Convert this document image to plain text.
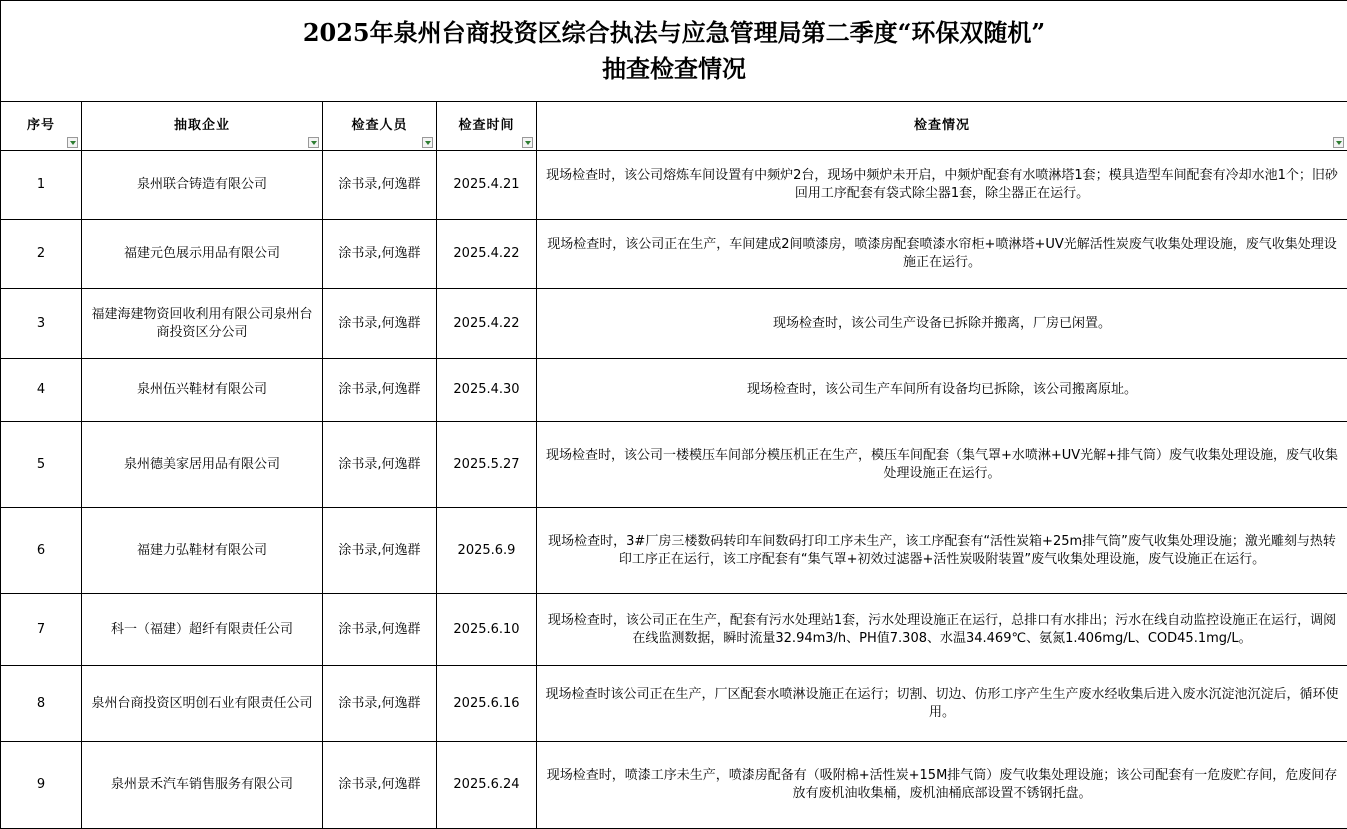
2025年泉州台商投资区综合执法与应急管理局第二季度“环保双随机”
抽查检查情况				

序号	抽取企业	检查人员	检查时间	检查情况

1	泉州联合铸造有限公司	涂书录,何逸群	2025.4.21	现场检查时，该公司熔炼车间设置有中频炉2台，现场中频炉未开启，中频炉配套有水喷淋塔1套；模具造型车间配套有冷却水池1个；旧砂回用工序配套有袋式除尘器1套，除尘器正在运行。
2	福建元色展示用品有限公司	涂书录,何逸群	2025.4.22	现场检查时，该公司正在生产，车间建成2间喷漆房，喷漆房配套喷漆水帘柜+喷淋塔+UV光解活性炭废气收集处理设施，废气收集处理设施正在运行。
3	福建海建物资回收利用有限公司泉州台商投资区分公司	涂书录,何逸群	2025.4.22	现场检查时，该公司生产设备已拆除并搬离，厂房已闲置。
4	泉州伍兴鞋材有限公司	涂书录,何逸群	2025.4.30	现场检查时，该公司生产车间所有设备均已拆除，该公司搬离原址。
5	泉州德美家居用品有限公司	涂书录,何逸群	2025.5.27	现场检查时，该公司一楼模压车间部分模压机正在生产，模压车间配套（集气罩+水喷淋+UV光解+排气筒）废气收集处理设施，废气收集处理设施正在运行。
6	福建力弘鞋材有限公司	涂书录,何逸群	2025.6.9	现场检查时，3#厂房三楼数码转印车间数码打印工序未生产，该工序配套有“活性炭箱+25m排气筒”废气收集处理设施；激光雕刻与热转印工序正在运行，该工序配套有“集气罩+初效过滤器+活性炭吸附装置”废气收集处理设施，废气设施正在运行。
7	科一（福建）超纤有限责任公司	涂书录,何逸群	2025.6.10	现场检查时，该公司正在生产，配套有污水处理站1套，污水处理设施正在运行，总排口有水排出；污水在线自动监控设施正在运行，调阅在线监测数据，瞬时流量32.94m3/h、PH值7.308、水温34.469℃、氨氮1.406mg/L、COD45.1mg/L。
8	泉州台商投资区明创石业有限责任公司	涂书录,何逸群	2025.6.16	现场检查时该公司正在生产，厂区配套水喷淋设施正在运行；切割、切边、仿形工序产生生产废水经收集后进入废水沉淀池沉淀后，循环使用。
9	泉州景禾汽车销售服务有限公司	涂书录,何逸群	2025.6.24	现场检查时，喷漆工序未生产，喷漆房配备有（吸附棉+活性炭+15M排气筒）废气收集处理设施；该公司配套有一危废贮存间，危废间存放有废机油收集桶，废机油桶底部设置不锈钢托盘。
